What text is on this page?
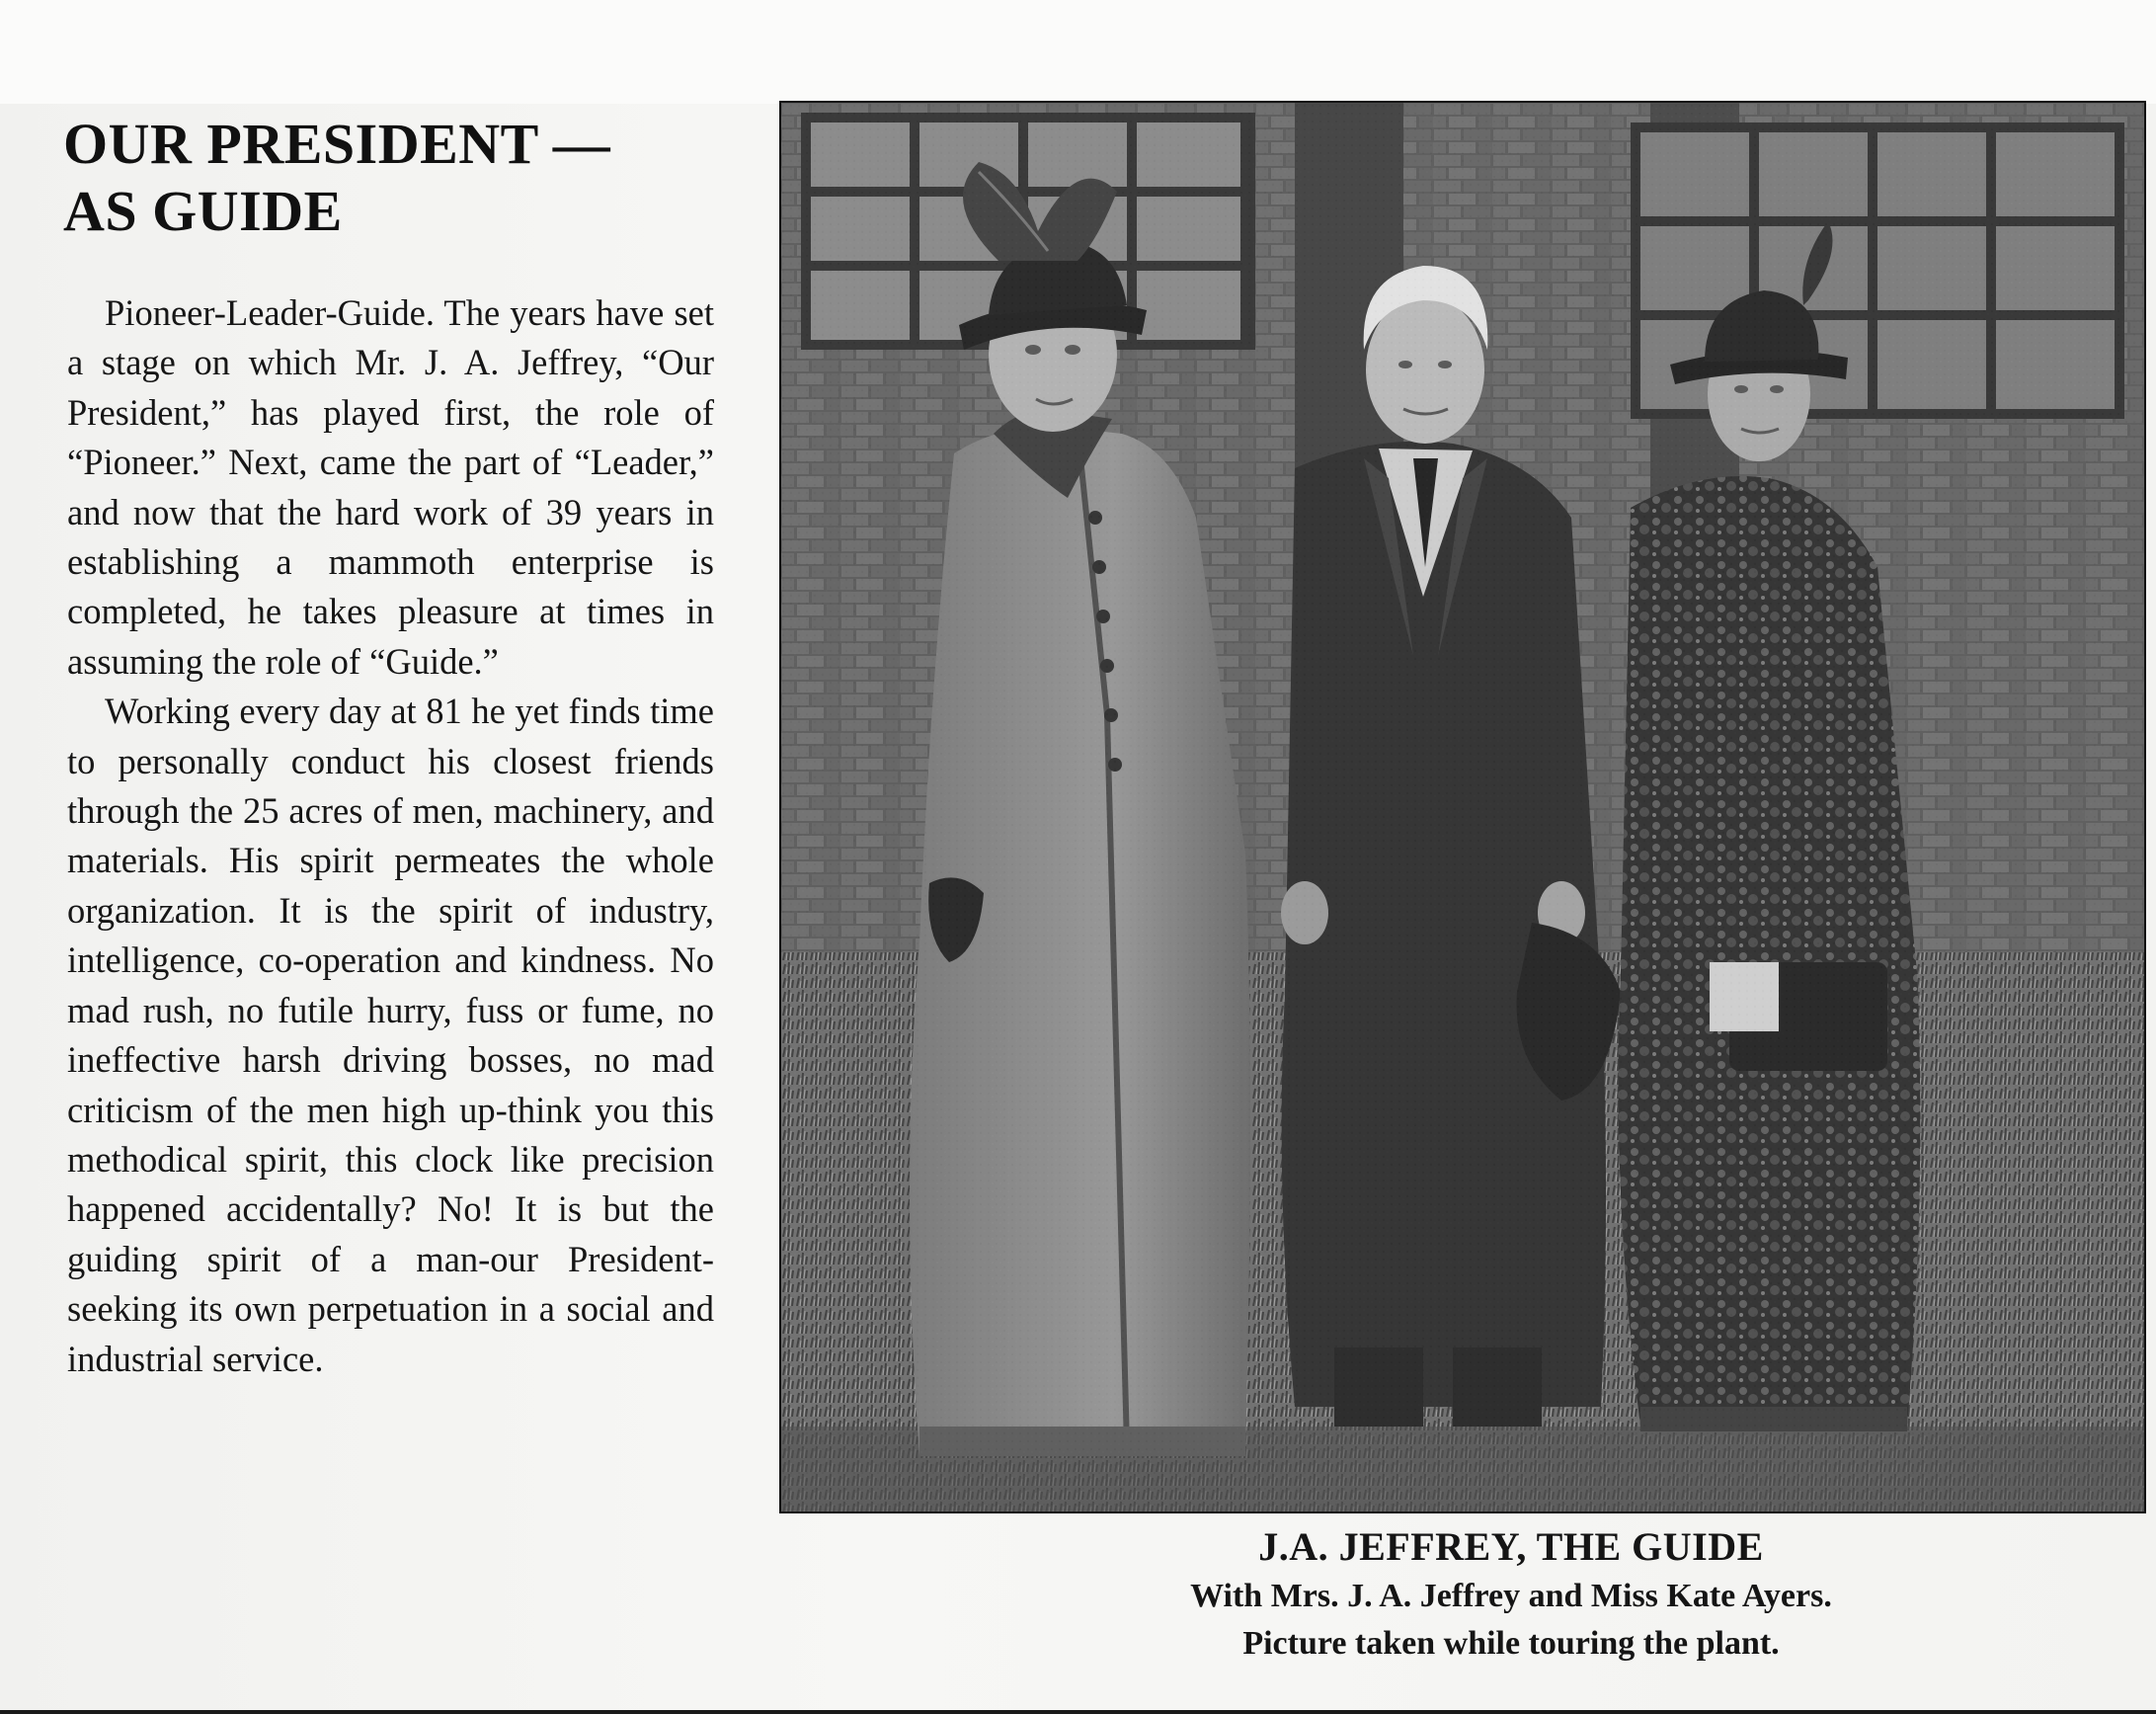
OUR PRESIDENT —
AS GUIDE

Pioneer-Leader-Guide. The years have set a stage on which Mr. J. A. Jeffrey, “Our President,” has played first, the role of “Pioneer.” Next, came the part of “Leader,” and now that the hard work of 39 years in establishing a mammoth enterprise is completed, he takes pleasure at times in assuming the role of “Guide.”

Working every day at 81 he yet finds time to personally conduct his closest friends through the 25 acres of men, machinery, and materials. His spirit permeates the whole organization. It is the spirit of industry, intelligence, co-operation and kindness. No mad rush, no futile hurry, fuss or fume, no ineffective harsh driving bosses, no mad criticism of the men high up-think you this methodical spirit, this clock like precision happened accidentally? No! It is but the guiding spirit of a man-our President-seeking its own perpetuation in a social and industrial service.

J.A. JEFFREY, THE GUIDE
With Mrs. J. A. Jeffrey and Miss Kate Ayers.
Picture taken while touring the plant.
